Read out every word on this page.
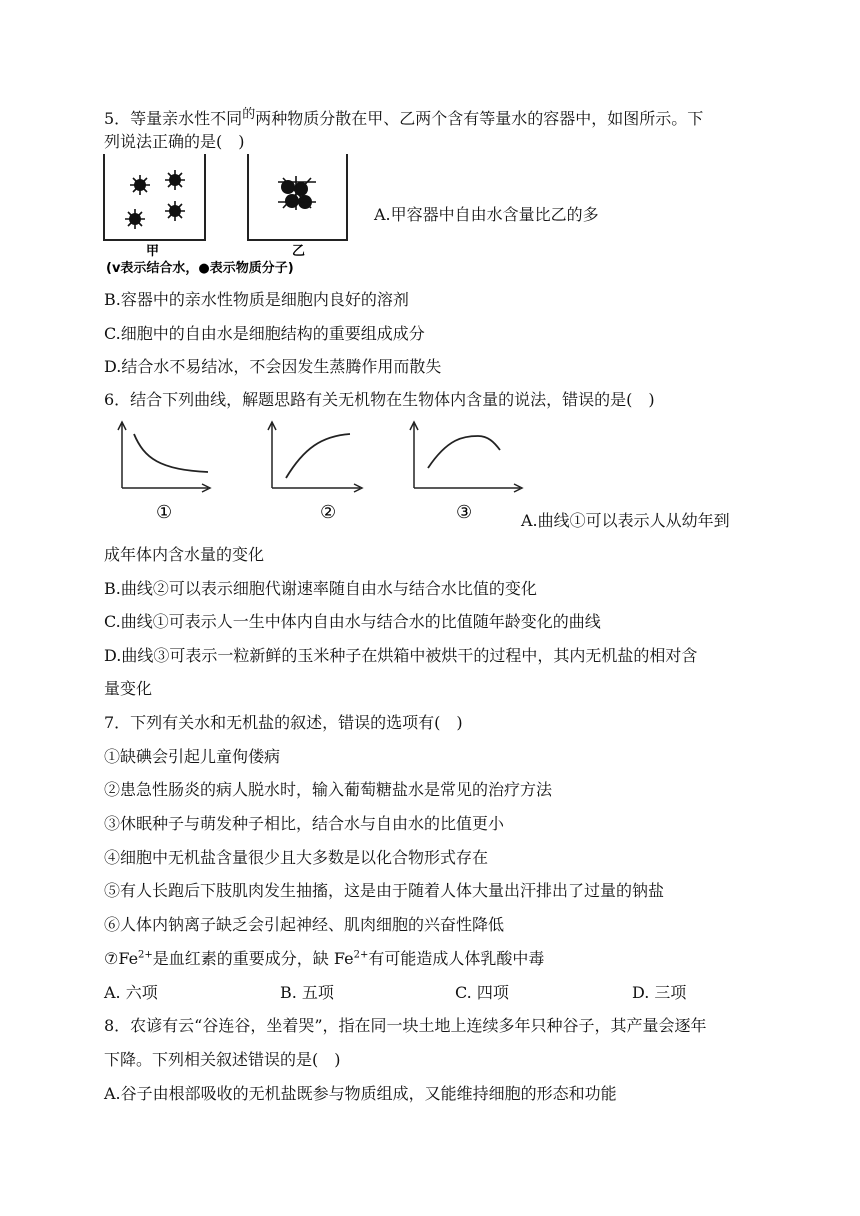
5．等量亲水性不同$^的$两种物质分散在甲、乙两个含有等量水的容器中，如图所示。下
列说法正确的是(　)
甲	乙
(v表示结合水，●表示物质分子)
A.甲容器中自由水含量比乙的多
B.容器中的亲水性物质是细胞内良好的溶剂
C.细胞中的自由水是细胞结构的重要组成成分
D.结合水不易结冰，不会因发生蒸腾作用而散失
6．结合下列曲线，解题思路有关无机物在生物体内含量的说法，错误的是(　)
①	②	③	A.曲线①可以表示人从幼年到
成年体内含水量的变化
B.曲线②可以表示细胞代谢速率随自由水与结合水比值的变化
C.曲线①可表示人一生中体内自由水与结合水的比值随年龄变化的曲线
D.曲线③可表示一粒新鲜的玉米种子在烘箱中被烘干的过程中，其内无机盐的相对含
量变化
7．下列有关水和无机盐的叙述，错误的选项有(　)
①缺碘会引起儿童佝偻病
②患急性肠炎的病人脱水时，输入葡萄糖盐水是常见的治疗方法
③休眠种子与萌发种子相比，结合水与自由水的比值更小
④细胞中无机盐含量很少且大多数是以化合物形式存在
⑤有人长跑后下肢肌肉发生抽搐，这是由于随着人体大量出汗排出了过量的钠盐
⑥人体内钠离子缺乏会引起神经、肌肉细胞的兴奋性降低
$⑦Fe^{2+}$是血红素的重要成分，缺 $Fe^{2+}$有可能造成人体乳酸中毒
A. 六项	B. 五项	C. 四项	D. 三项
8．农谚有云“谷连谷，坐着哭”，指在同一块土地上连续多年只种谷子，其产量会逐年
下降。下列相关叙述错误的是(　)
A.谷子由根部吸收的无机盐既参与物质组成，又能维持细胞的形态和功能
